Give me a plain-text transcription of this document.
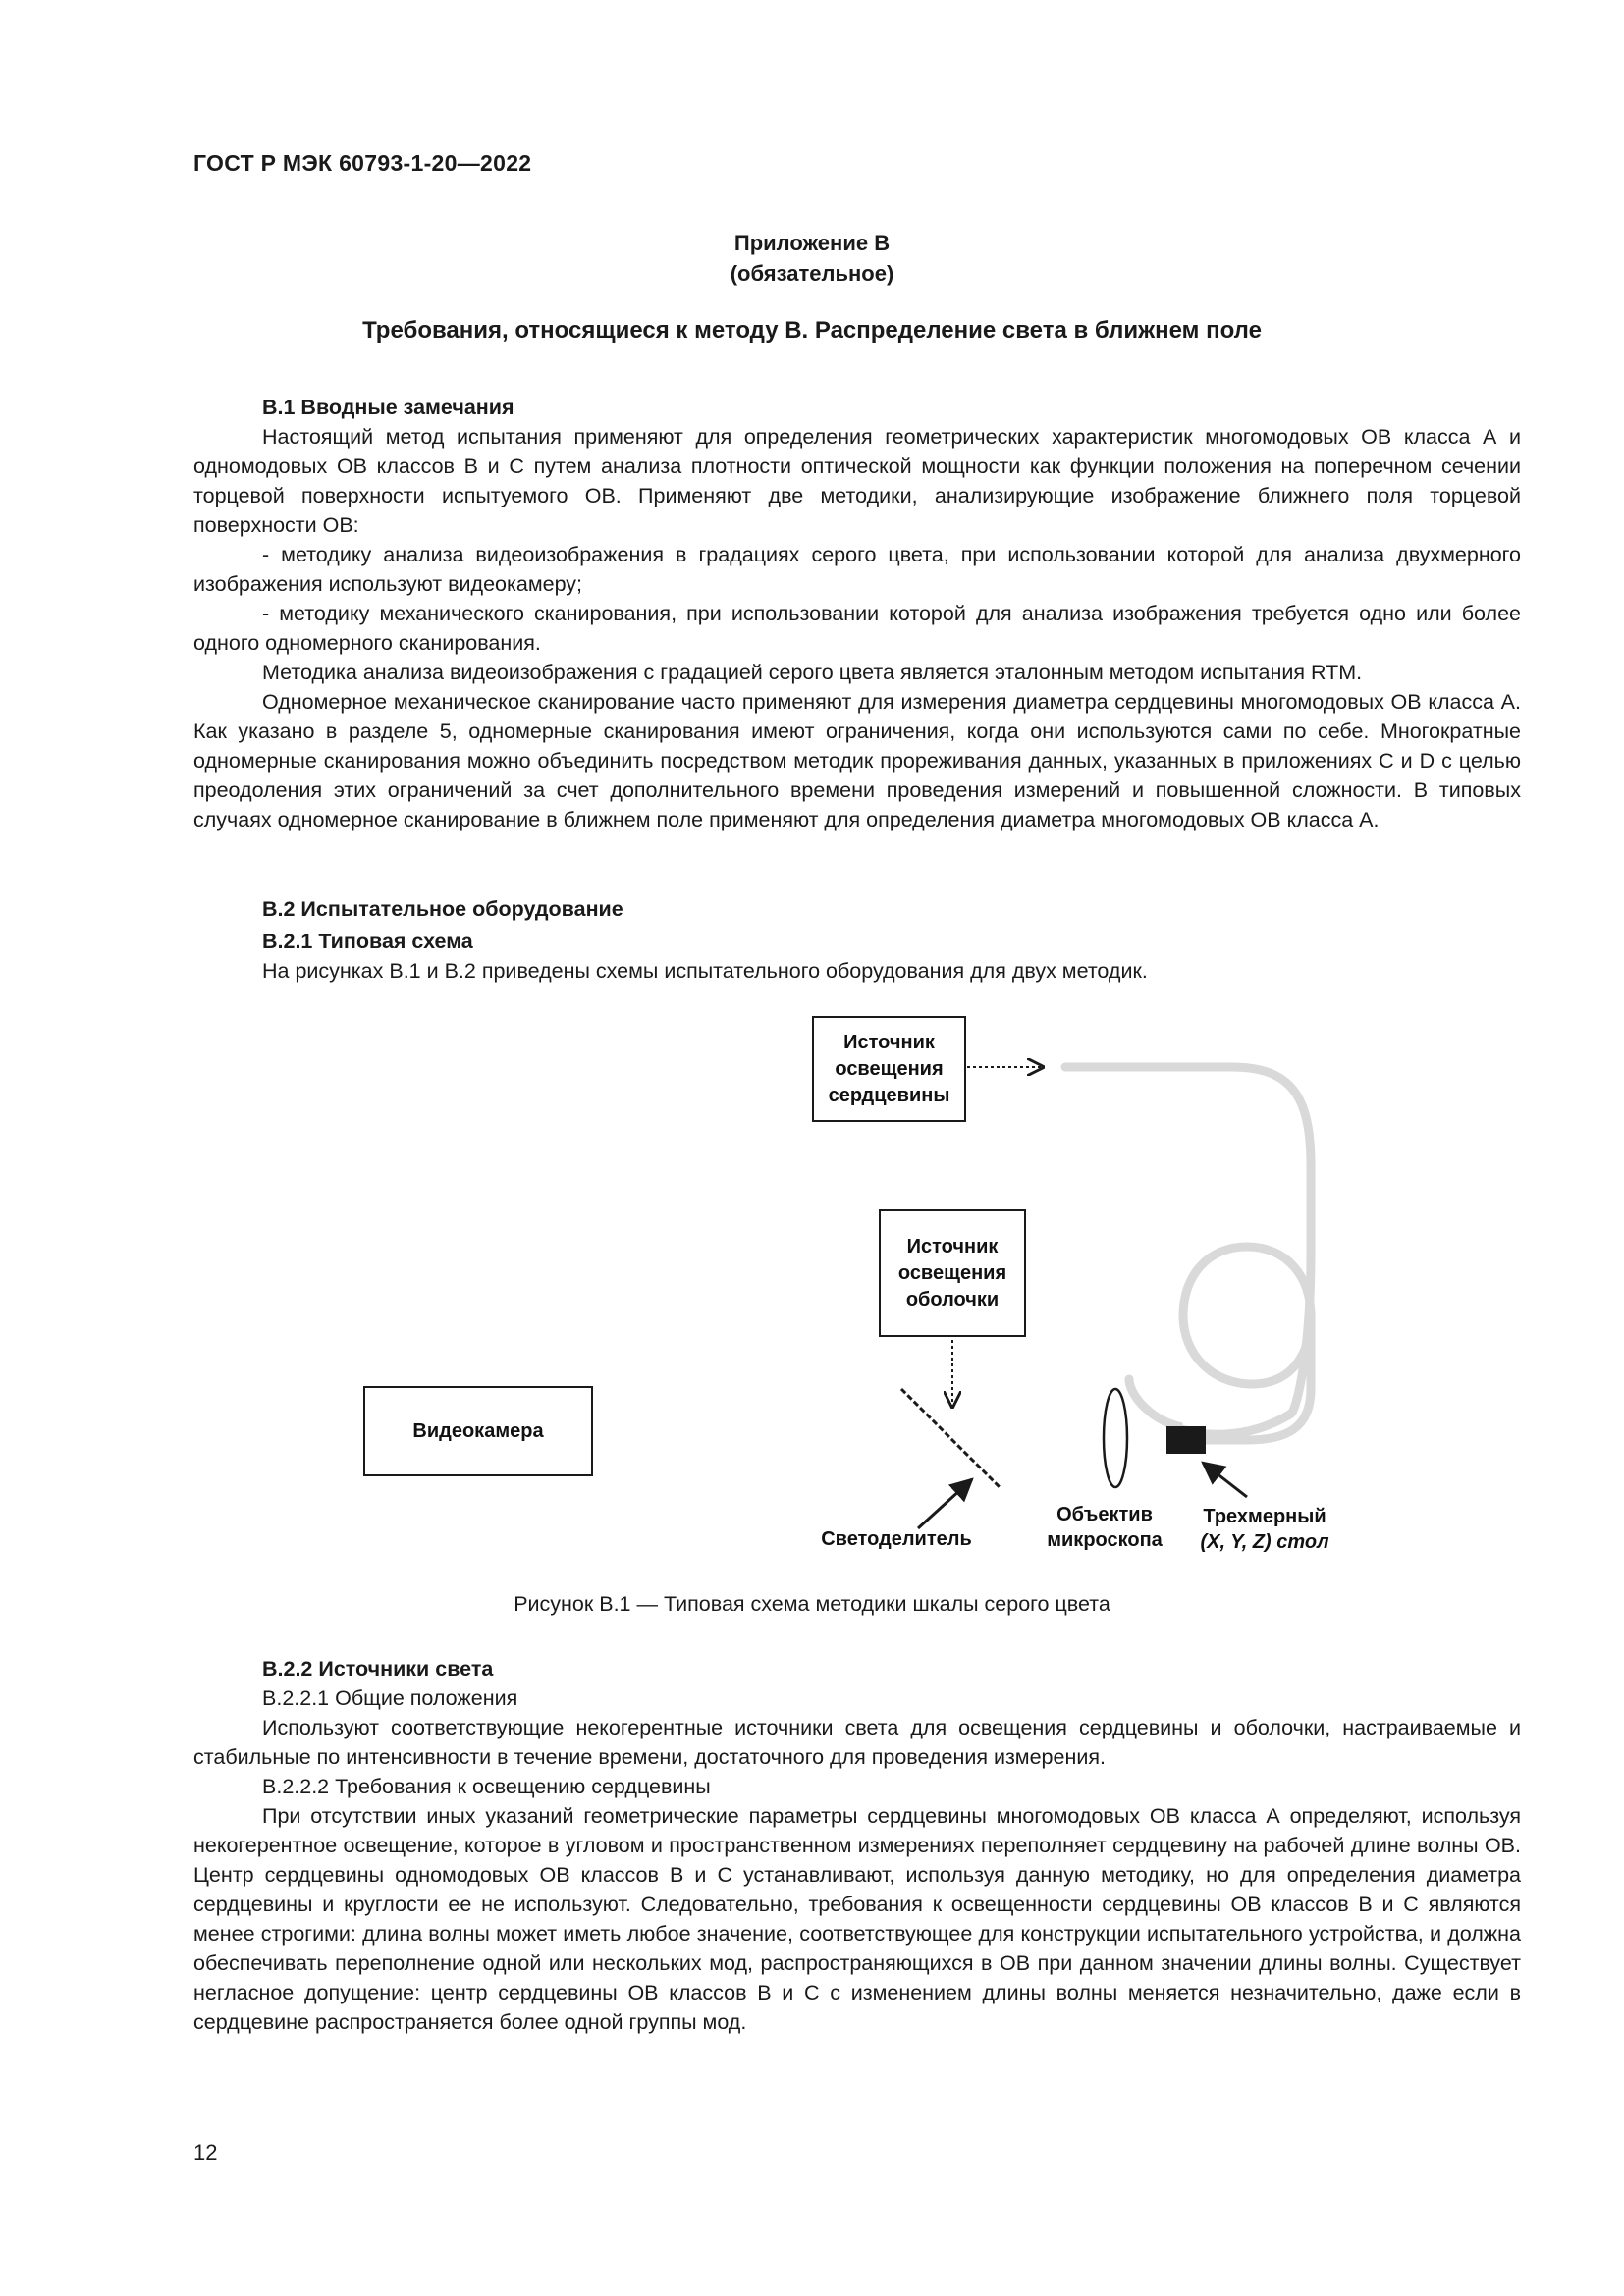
ГОСТ Р МЭК 60793-1-20—2022
Приложение B
(обязательное)
Требования, относящиеся к методу B. Распределение света в ближнем поле
B.1 Вводные замечания
Настоящий метод испытания применяют для определения геометрических характеристик многомодовых ОВ класса А и одномодовых ОВ классов B и C путем анализа плотности оптической мощности как функции положения на поперечном сечении торцевой поверхности испытуемого ОВ. Применяют две методики, анализирующие изображение ближнего поля торцевой поверхности ОВ:
- методику анализа видеоизображения в градациях серого цвета, при использовании которой для анализа двухмерного изображения используют видеокамеру;
- методику механического сканирования, при использовании которой для анализа изображения требуется одно или более одного одномерного сканирования.
Методика анализа видеоизображения с градацией серого цвета является эталонным методом испытания RTM.
Одномерное механическое сканирование часто применяют для измерения диаметра сердцевины многомодовых ОВ класса А. Как указано в разделе 5, одномерные сканирования имеют ограничения, когда они используются сами по себе. Многократные одномерные сканирования можно объединить посредством методик прореживания данных, указанных в приложениях C и D с целью преодоления этих ограничений за счет дополнительного времени проведения измерений и повышенной сложности. В типовых случаях одномерное сканирование в ближнем поле применяют для определения диаметра многомодовых ОВ класса А.
B.2 Испытательное оборудование
B.2.1 Типовая схема
На рисунках B.1 и B.2 приведены схемы испытательного оборудования для двух методик.
Источник освещения сердцевины
Источник освещения оболочки
Видеокамера
Светоделитель
Объектив микроскопа
Трехмерный
(X, Y, Z) стол
Рисунок B.1 — Типовая схема методики шкалы серого цвета
B.2.2 Источники света
B.2.2.1 Общие положения
Используют соответствующие некогерентные источники света для освещения сердцевины и оболочки, настраиваемые и стабильные по интенсивности в течение времени, достаточного для проведения измерения.
B.2.2.2 Требования к освещению сердцевины
При отсутствии иных указаний геометрические параметры сердцевины многомодовых ОВ класса А определяют, используя некогерентное освещение, которое в угловом и пространственном измерениях переполняет сердцевину на рабочей длине волны ОВ. Центр сердцевины одномодовых ОВ классов B и C устанавливают, используя данную методику, но для определения диаметра сердцевины и круглости ее не используют. Следовательно, требования к освещенности сердцевины ОВ классов B и C являются менее строгими: длина волны может иметь любое значение, соответствующее для конструкции испытательного устройства, и должна обеспечивать переполнение одной или нескольких мод, распространяющихся в ОВ при данном значении длины волны. Существует негласное допущение: центр сердцевины ОВ классов B и C с изменением длины волны меняется незначительно, даже если в сердцевине распространяется более одной группы мод.
12
